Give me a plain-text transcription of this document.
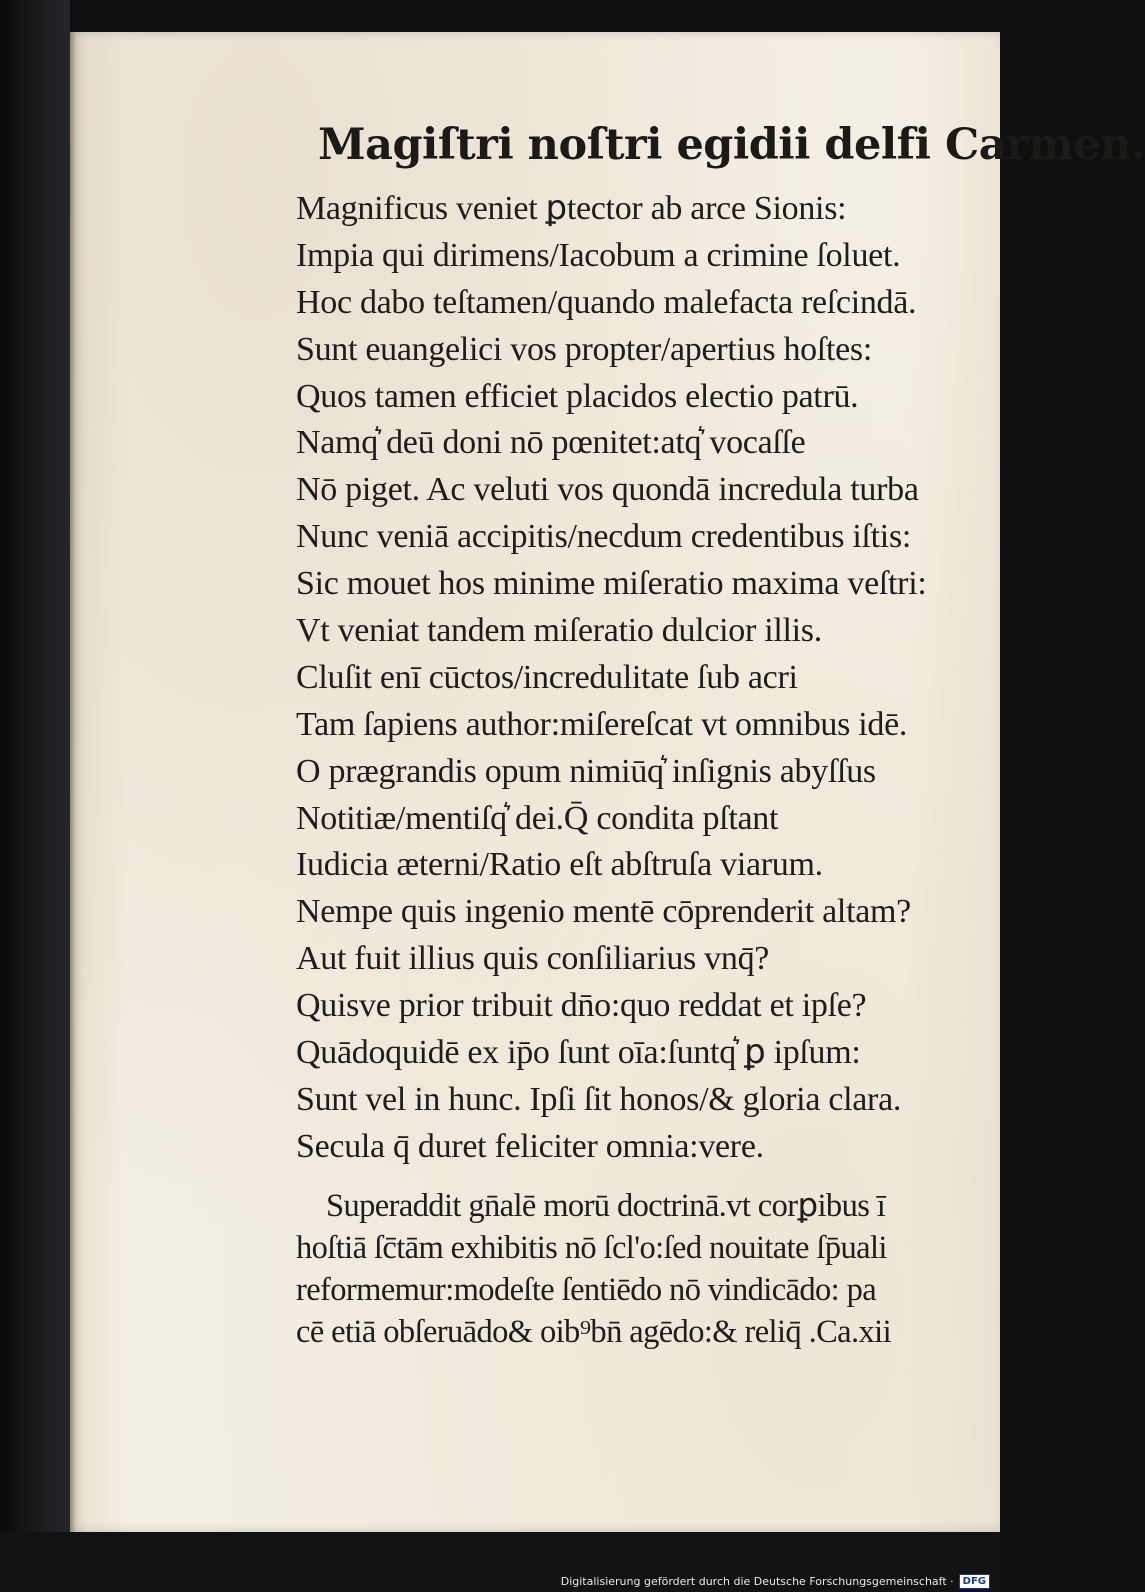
Magiſtri noſtri egidii delfi Carmen.
Magnificus veniet ꝑtector ab arce Sionis:
Impia qui dirimens/Iacobum a crimine ſoluet.
Hoc dabo teſtamen/quando malefacta reſcindā.
Sunt euangelici vos propter/apertius hoſtes:
Quos tamen efficiet placidos electio patrū.
Namq͛ deū doni nō pœnitet:atq͛ vocaſſe
Nō piget. Ac veluti vos quondā incredula turba
Nunc veniā accipitis/necdum credentibus iſtis:
Sic mouet hos minime miſeratio maxima veſtri:
Vt veniat tandem miſeratio dulcior illis.
Cluſit enī cūctos/incredulitate ſub acri
Tam ſapiens author:miſereſcat vt omnibus idē.
O prægrandis opum nimiūq͛ inſignis abyſſus
Notitiæ/mentiſq͛ dei.Q̄ condita pſtant
Iudicia æterni/Ratio eſt abſtruſa viarum.
Nempe quis ingenio mentē cōprenderit altam?
Aut fuit illius quis conſiliarius vnq̄?
Quisve prior tribuit dn̄o:quo reddat et ipſe?
Quādoquidē ex ip̄o ſunt oīa:ſuntq͛ ꝑ ipſum:
Sunt vel in hunc. Ipſi ſit honos/& gloria clara.
Secula q̄ duret feliciter omnia:vere.
Superaddit gn̄alē morū doctrinā.vt corꝑibus ī
hoſtiā ſc̄tām exhibitis nō ſcl'o:ſed nouitate ſp̄uali
reformemur:modeſte ſentiēdo nō vindicādo: pa
cē etiā obſeruādo& oib⁹bn̄ agēdo:& reliq̄ .Ca.xii
Digitalisierung gefördert durch die Deutsche Forschungsgemeinschaft · DFG
